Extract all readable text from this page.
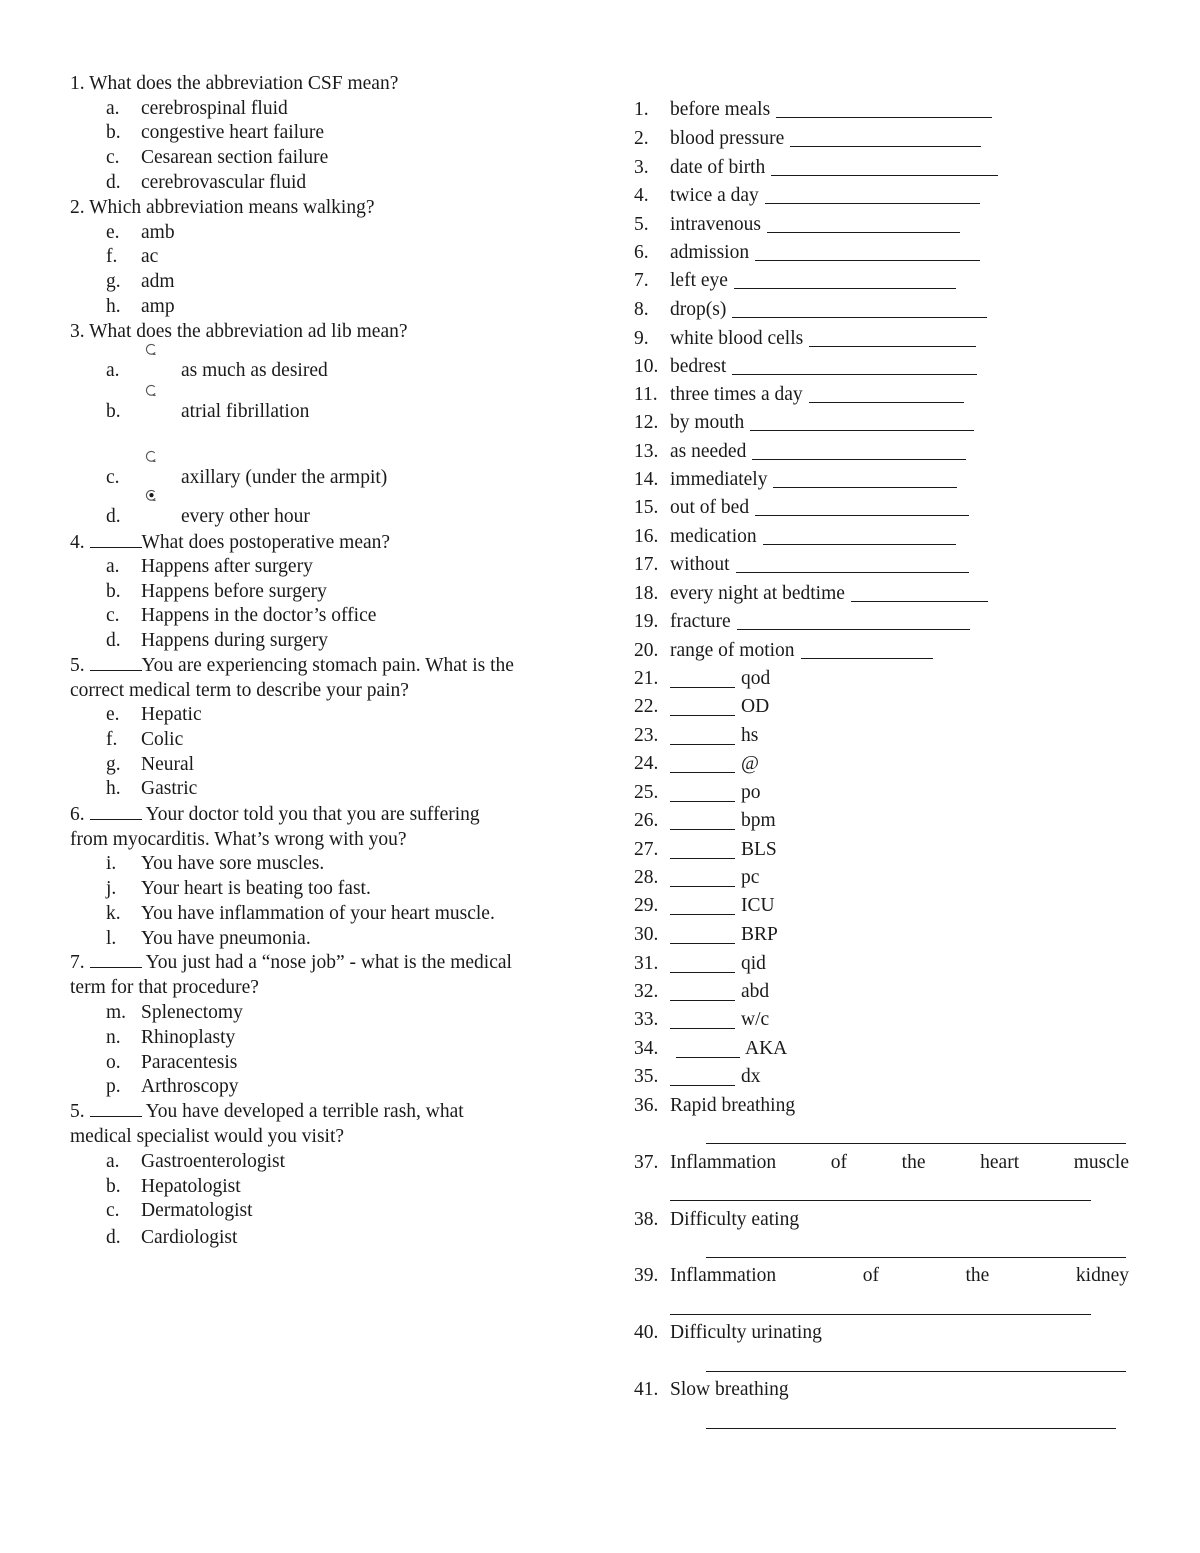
1. What does the abbreviation CSF mean?
a. cerebrospinal fluid
b. congestive heart failure
c. Cesarean section failure
d. cerebrovascular fluid
2. Which abbreviation means walking?
e. amb
f. ac
g. adm
h. amp
3. What does the abbreviation ad lib mean?
a.	as much as desired
b.	atrial fibrillation
c.	axillary (under the armpit)
d.	every other hour
4.	What does postoperative mean?
a. Happens after surgery
b. Happens before surgery
c. Happens in the doctor’s office
d. Happens during surgery
5.	You are experiencing stomach pain. What is the
correct medical term to describe your pain?
e. Hepatic
f. Colic
g. Neural
h. Gastric
6.	Your doctor told you that you are suffering
from myocarditis. What’s wrong with you?
i. You have sore muscles.
j. Your heart is beating too fast.
k. You have inflammation of your heart muscle.
l. You have pneumonia.
7.	You just had a “nose job” - what is the medical
term for that procedure?
m. Splenectomy
n. Rhinoplasty
o. Paracentesis
p. Arthroscopy
5.	You have developed a terrible rash, what
medical specialist would you visit?
a. Gastroenterologist
b. Hepatologist
c. Dermatologist
d. Cardiologist
1. before meals
2. blood pressure
3. date of birth
4. twice a day
5. intravenous
6. admission
7. left eye
8. drop(s)
9. white blood cells
10. bedrest
11. three times a day
12. by mouth
13. as needed
14. immediately
15. out of bed
16. medication
17. without
18. every night at bedtime
19. fracture
20. range of motion
21.	qod
22.	OD
23.	hs
24.	@
25.	po
26.	bpm
27.	BLS
28.	pc
29.	ICU
30.	BRP
31.	qid
32.	abd
33.	w/c
34.	AKA
35.	dx
36. Rapid breathing
37. Inflammation	of	the	heart	muscle
38. Difficulty eating
39. Inflammation	of	the	kidney
40. Difficulty urinating
41. Slow breathing
